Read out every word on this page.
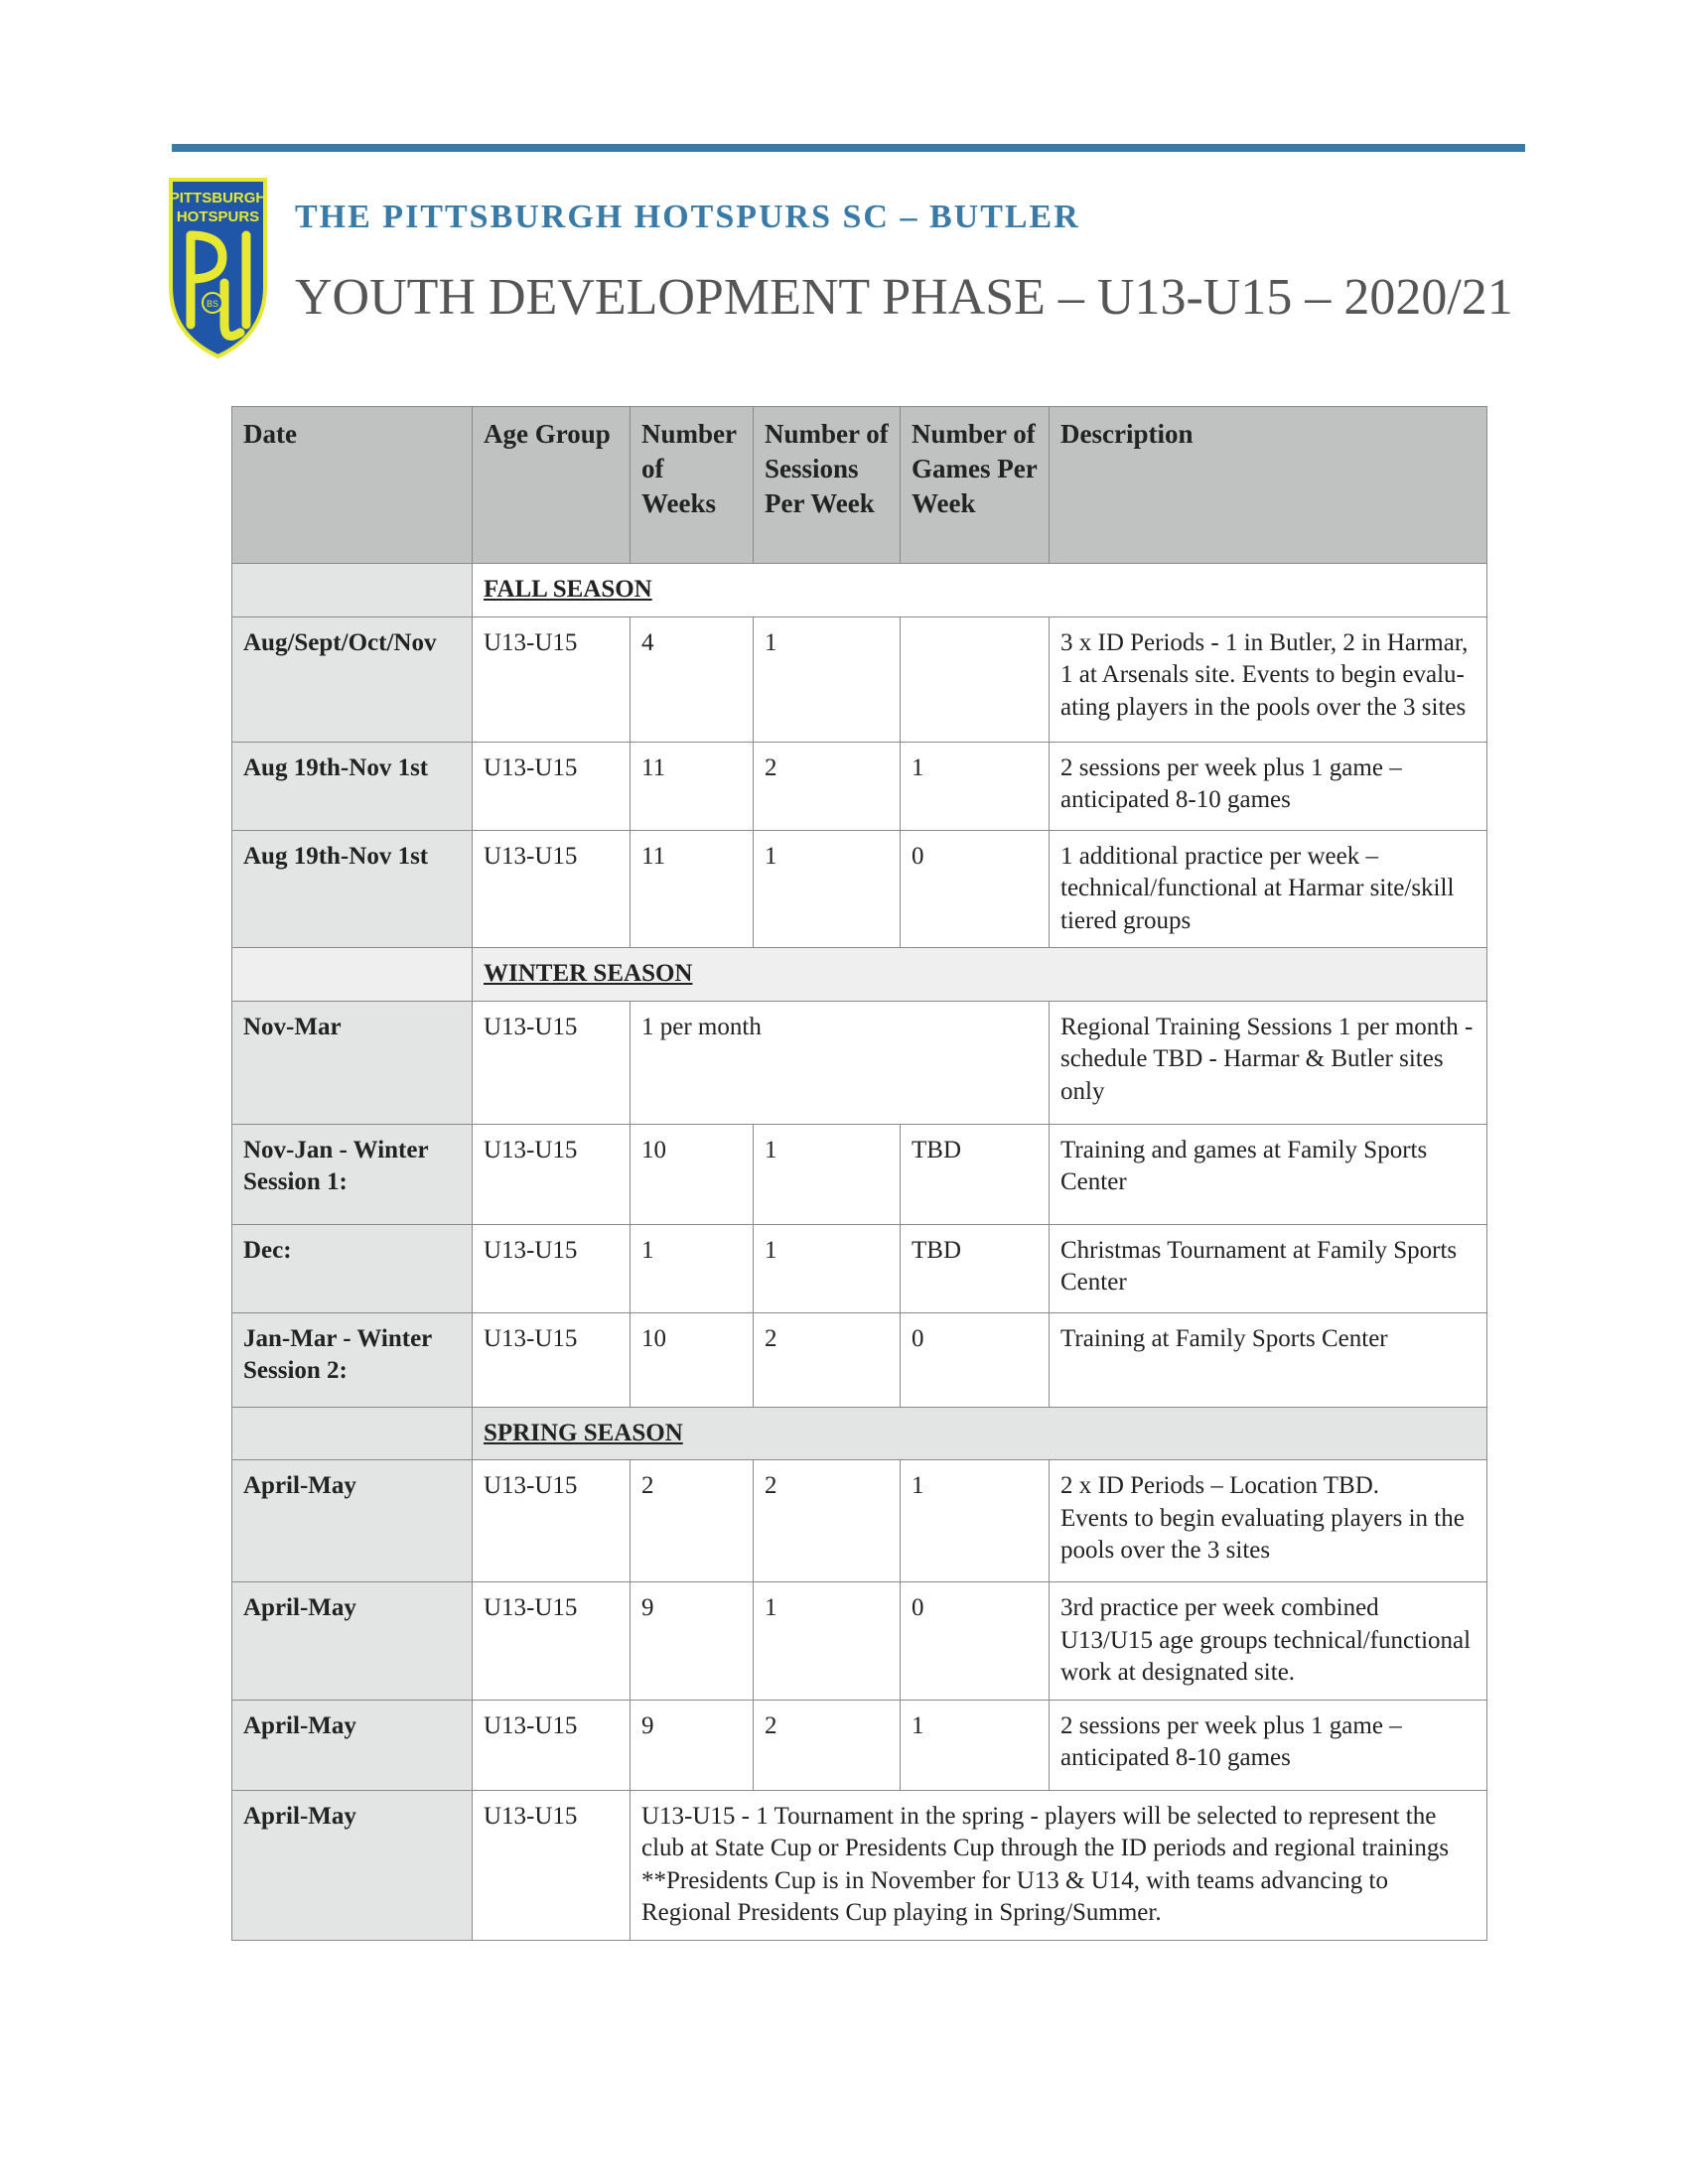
PITTSBURGH
HOTSPURS
BS
THE PITTSBURGH HOTSPURS SC – BUTLER
YOUTH DEVELOPMENT PHASE – U13-U15 – 2020/21
Date	Age Group	Number of Weeks	Number of Sessions Per Week	Number of Games Per Week	Description
	FALL SEASON				
Aug/Sept/Oct/Nov	U13-U15	4	1		3 x ID Periods - 1 in Butler, 2 in Harmar, 1 at Arsenals site. Events to begin evalu-ating players in the pools over the 3 sites
Aug 19th-Nov 1st	U13-U15	11	2	1	2 sessions per week plus 1 game – anticipated 8-10 games
Aug 19th-Nov 1st	U13-U15	11	1	0	1 additional practice per week – technical/functional at Harmar site/skill tiered groups
	WINTER SEASON				
Nov-Mar	U13-U15	1 per month			Regional Training Sessions 1 per month - schedule TBD - Harmar & Butler sites only
Nov-Jan - Winter Session 1:	U13-U15	10	1	TBD	Training and games at Family Sports Center
Dec:	U13-U15	1	1	TBD	Christmas Tournament at Family Sports Center
Jan-Mar - Winter Session 2:	U13-U15	10	2	0	Training at Family Sports Center
	SPRING SEASON				
April-May	U13-U15	2	2	1	2 x ID Periods – Location TBD.
Events to begin evaluating players in the pools over the 3 sites
April-May	U13-U15	9	1	0	3rd practice per week combined U13/U15 age groups technical/functional work at designated site.
April-May	U13-U15	9	2	1	2 sessions per week plus 1 game – anticipated 8-10 games
April-May	U13-U15	U13-U15 - 1 Tournament in the spring - players will be selected to represent the club at State Cup or Presidents Cup through the ID periods and regional trainings **Presidents Cup is in November for U13 & U14, with teams advancing to Regional Presidents Cup playing in Spring/Summer.			
